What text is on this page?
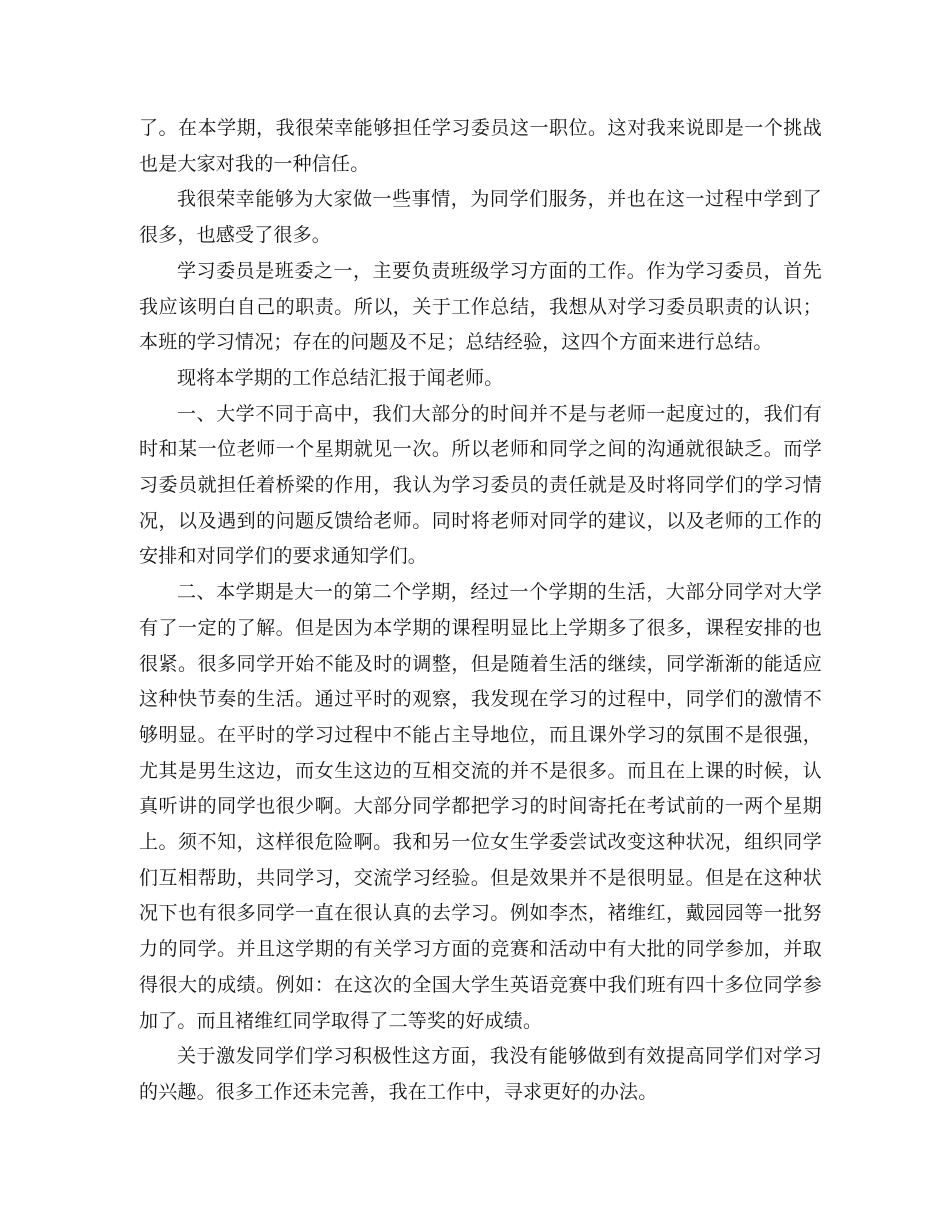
了。在本学期，我很荣幸能够担任学习委员这一职位。这对我来说即是一个挑战也是大家对我的一种信任。

我很荣幸能够为大家做一些事情，为同学们服务，并也在这一过程中学到了很多，也感受了很多。

学习委员是班委之一，主要负责班级学习方面的工作。作为学习委员，首先我应该明白自己的职责。所以，关于工作总结，我想从对学习委员职责的认识；本班的学习情况；存在的问题及不足；总结经验，这四个方面来进行总结。

现将本学期的工作总结汇报于闻老师。

一、大学不同于高中，我们大部分的时间并不是与老师一起度过的，我们有时和某一位老师一个星期就见一次。所以老师和同学之间的沟通就很缺乏。而学习委员就担任着桥梁的作用，我认为学习委员的责任就是及时将同学们的学习情况，以及遇到的问题反馈给老师。同时将老师对同学的建议，以及老师的工作的安排和对同学们的要求通知学们。

二、本学期是大一的第二个学期，经过一个学期的生活，大部分同学对大学有了一定的了解。但是因为本学期的课程明显比上学期多了很多，课程安排的也很紧。很多同学开始不能及时的调整，但是随着生活的继续，同学渐渐的能适应这种快节奏的生活。通过平时的观察，我发现在学习的过程中，同学们的激情不够明显。在平时的学习过程中不能占主导地位，而且课外学习的氛围不是很强，尤其是男生这边，而女生这边的互相交流的并不是很多。而且在上课的时候，认真听讲的同学也很少啊。大部分同学都把学习的时间寄托在考试前的一两个星期上。须不知，这样很危险啊。我和另一位女生学委尝试改变这种状况，组织同学们互相帮助，共同学习，交流学习经验。但是效果并不是很明显。但是在这种状况下也有很多同学一直在很认真的去学习。例如李杰，褚维红，戴园园等一批努力的同学。并且这学期的有关学习方面的竞赛和活动中有大批的同学参加，并取得很大的成绩。例如：在这次的全国大学生英语竞赛中我们班有四十多位同学参加了。而且褚维红同学取得了二等奖的好成绩。

关于激发同学们学习积极性这方面，我没有能够做到有效提高同学们对学习的兴趣。很多工作还未完善，我在工作中，寻求更好的办法。
